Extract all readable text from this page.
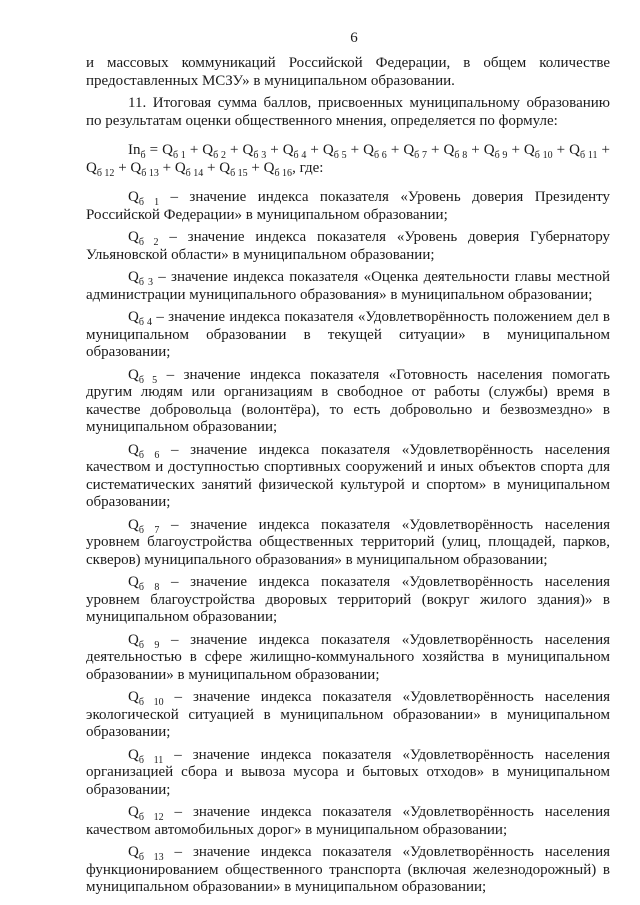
6

и массовых коммуникаций Российской Федерации, в общем количестве предоставленных МСЗУ» в муниципальном образовании.

11. Итоговая сумма баллов, присвоенных муниципальному образованию по результатам оценки общественного мнения, определяется по формуле:

$In_б = Q_{б 1} + Q_{б 2} + Q_{б 3} + Q_{б 4} + Q_{б 5} + Q_{б 6} + Q_{б 7} + Q_{б 8} + Q_{б 9} + Q_{б 10} + Q_{б 11} + Q_{б 12} + Q_{б 13} + Q_{б 14} + Q_{б 15} + Q_{б 16}$, где:

$Q_{б 1}$ – значение индекса показателя «Уровень доверия Президенту Российской Федерации» в муниципальном образовании;

$Q_{б 2}$ – значение индекса показателя «Уровень доверия Губернатору Ульяновской области» в муниципальном образовании;

$Q_{б 3}$ – значение индекса показателя «Оценка деятельности главы местной администрации муниципального образования» в муниципальном образовании;

$Q_{б 4}$ – значение индекса показателя «Удовлетворённость положением дел в муниципальном образовании в текущей ситуации» в муниципальном образовании;

$Q_{б 5}$ – значение индекса показателя «Готовность населения помогать другим людям или организациям в свободное от работы (службы) время в качестве добровольца (волонтёра), то есть добровольно и безвозмездно» в муниципальном образовании;

$Q_{б 6}$ – значение индекса показателя «Удовлетворённость населения качеством и доступностью спортивных сооружений и иных объектов спорта для систематических занятий физической культурой и спортом» в муниципальном образовании;

$Q_{б 7}$ – значение индекса показателя «Удовлетворённость населения уровнем благоустройства общественных территорий (улиц, площадей, парков, скверов) муниципального образования» в муниципальном образовании;

$Q_{б 8}$ – значение индекса показателя «Удовлетворённость населения уровнем благоустройства дворовых территорий (вокруг жилого здания)» в муниципальном образовании;

$Q_{б 9}$ – значение индекса показателя «Удовлетворённость населения деятельностью в сфере жилищно-коммунального хозяйства в муниципальном образовании» в муниципальном образовании;

$Q_{б 10}$ – значение индекса показателя «Удовлетворённость населения экологической ситуацией в муниципальном образовании» в муниципальном образовании;

$Q_{б 11}$ – значение индекса показателя «Удовлетворённость населения организацией сбора и вывоза мусора и бытовых отходов» в муниципальном образовании;

$Q_{б 12}$ – значение индекса показателя «Удовлетворённость населения качеством автомобильных дорог» в муниципальном образовании;

$Q_{б 13}$ – значение индекса показателя «Удовлетворённость населения функционированием общественного транспорта (включая железнодорожный) в муниципальном образовании» в муниципальном образовании;
